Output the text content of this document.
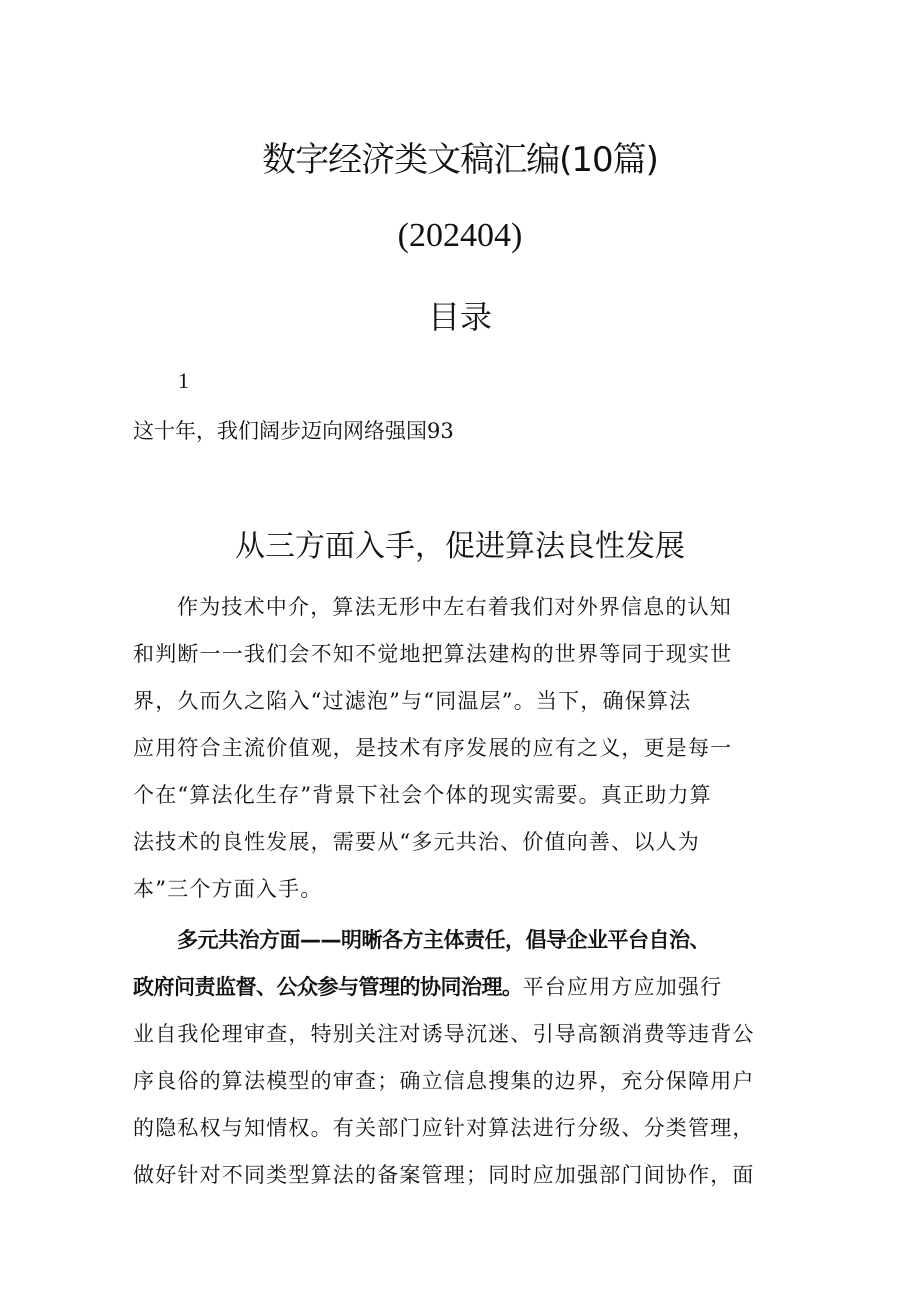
数字经济类文稿汇编(10篇)
(202404)
目录
1
这十年，我们阔步迈向网络强国93
从三方面入手，促进算法良性发展
作为技术中介，算法无形中左右着我们对外界信息的认知
和判断一一我们会不知不觉地把算法建构的世界等同于现实世
界，久而久之陷入“过滤泡”与“同温层”。当下，确保算法
应用符合主流价值观，是技术有序发展的应有之义，更是每一
个在“算法化生存”背景下社会个体的现实需要。真正助力算
法技术的良性发展，需要从“多元共治、价值向善、以人为
本”三个方面入手。
多元共治方面——明晰各方主体责任，倡导企业平台自治、
政府问责监督、公众参与管理的协同治理。平台应用方应加强行
业自我伦理审查，特别关注对诱导沉迷、引导高额消费等违背公
序良俗的算法模型的审查；确立信息搜集的边界，充分保障用户
的隐私权与知情权。有关部门应针对算法进行分级、分类管理，
做好针对不同类型算法的备案管理；同时应加强部门间协作，面
